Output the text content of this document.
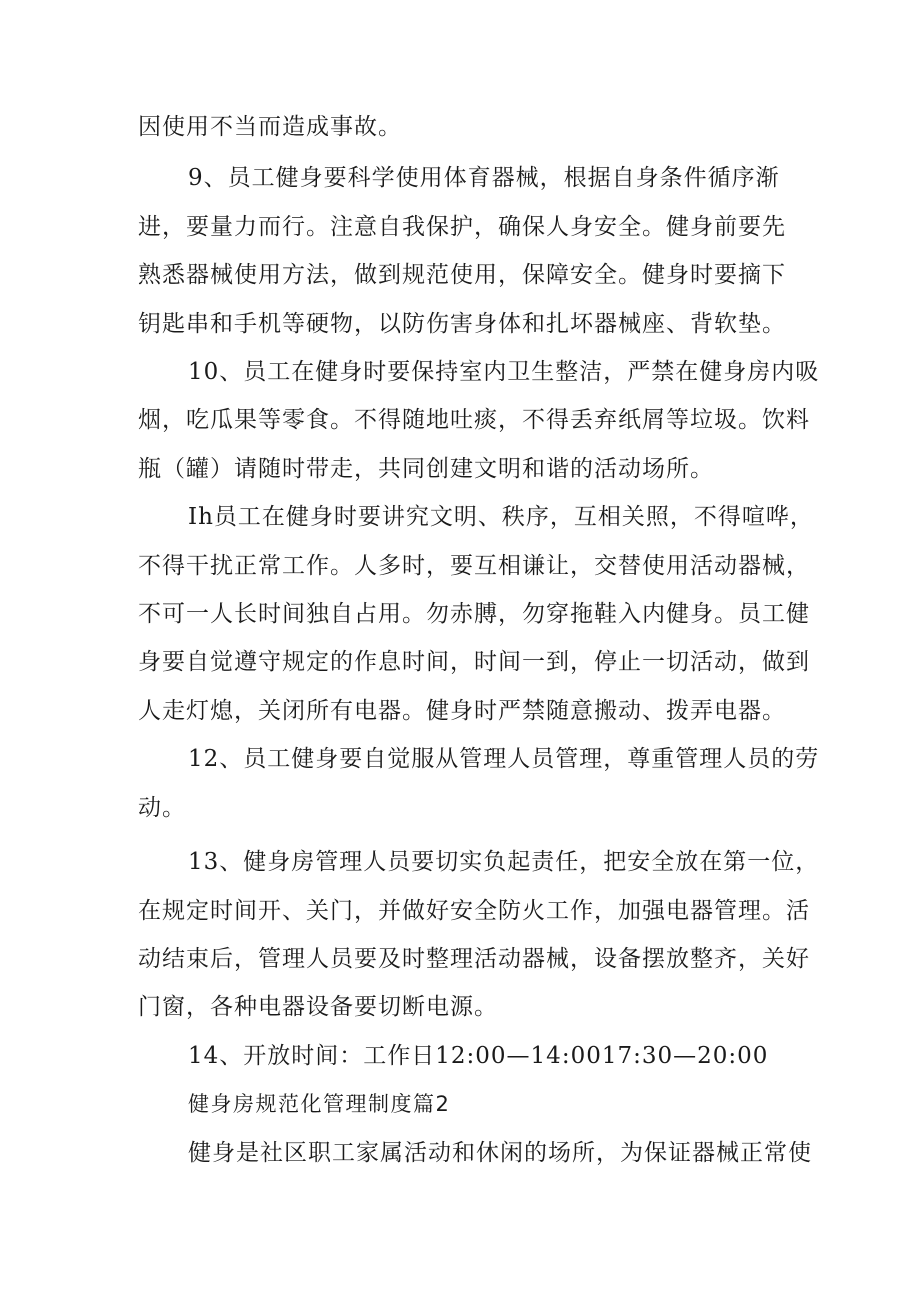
因使用不当而造成事故。
9、员工健身要科学使用体育器械，根据自身条件循序渐
进，要量力而行。注意自我保护，确保人身安全。健身前要先
熟悉器械使用方法，做到规范使用，保障安全。健身时要摘下
钥匙串和手机等硬物，以防伤害身体和扎坏器械座、背软垫。
10、员工在健身时要保持室内卫生整洁，严禁在健身房内吸
烟，吃瓜果等零食。不得随地吐痰，不得丢弃纸屑等垃圾。饮料
瓶（罐）请随时带走，共同创建文明和谐的活动场所。
Ih员工在健身时要讲究文明、秩序，互相关照，不得喧哗，
不得干扰正常工作。人多时，要互相谦让，交替使用活动器械，
不可一人长时间独自占用。勿赤膊，勿穿拖鞋入内健身。员工健
身要自觉遵守规定的作息时间，时间一到，停止一切活动，做到
人走灯熄，关闭所有电器。健身时严禁随意搬动、拨弄电器。
12、员工健身要自觉服从管理人员管理，尊重管理人员的劳
动。
13、健身房管理人员要切实负起责任，把安全放在第一位，
在规定时间开、关门，并做好安全防火工作，加强电器管理。活
动结束后，管理人员要及时整理活动器械，设备摆放整齐，关好
门窗，各种电器设备要切断电源。
14、开放时间：工作日12:00—14:0017:30—20:00
健身房规范化管理制度篇2
健身是社区职工家属活动和休闲的场所，为保证器械正常使
